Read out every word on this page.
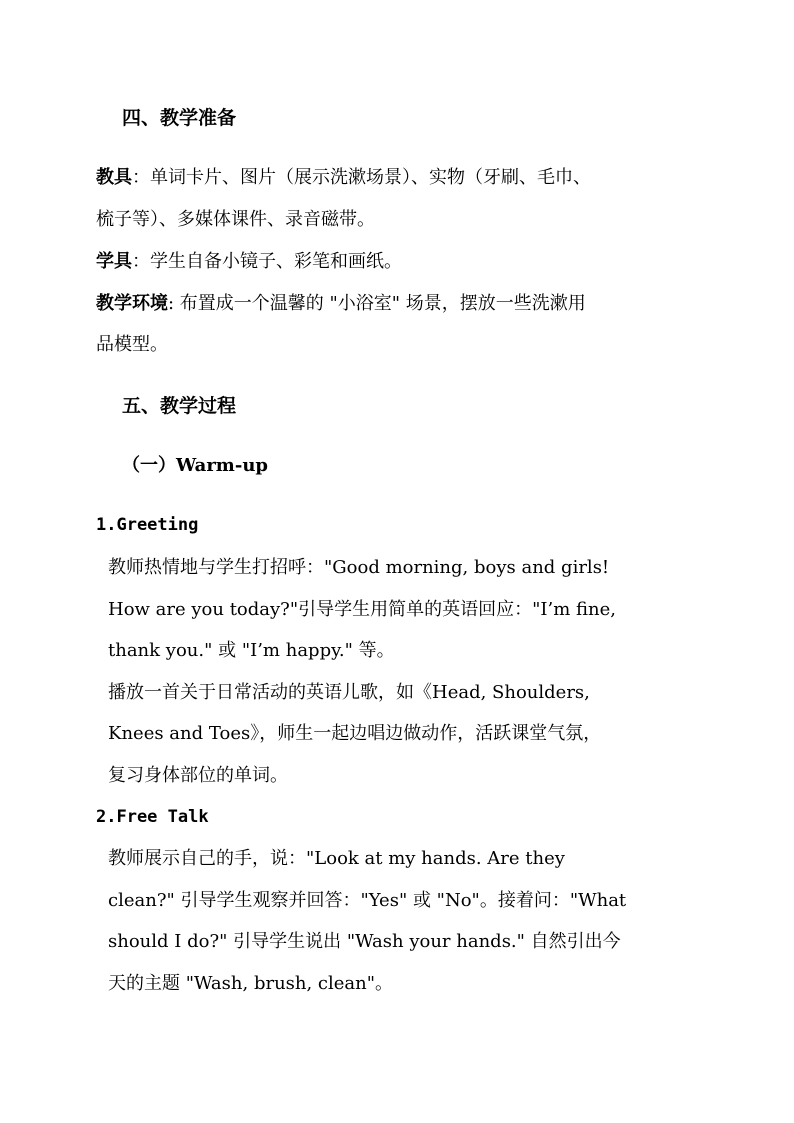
四、教学准备
教具：单词卡片、图片（展示洗漱场景）、实物（牙刷、毛巾、
梳子等）、多媒体课件、录音磁带。
学具：学生自备小镜子、彩笔和画纸。
教学环境: 布置成一个温馨的 "小浴室" 场景，摆放一些洗漱用
品模型。
五、教学过程
（一）Warm-up
1.Greeting
教师热情地与学生打招呼："Good morning, boys and girls!
How are you today?"引导学生用简单的英语回应："I’m fine,
thank you." 或 "I’m happy." 等。
播放一首关于日常活动的英语儿歌，如《Head, Shoulders,
Knees and Toes》，师生一起边唱边做动作，活跃课堂气氛，
复习身体部位的单词。
2.Free Talk
教师展示自己的手，说："Look at my hands. Are they
clean?" 引导学生观察并回答："Yes" 或 "No"。接着问："What
should I do?" 引导学生说出 "Wash your hands." 自然引出今
天的主题 "Wash, brush, clean"。
